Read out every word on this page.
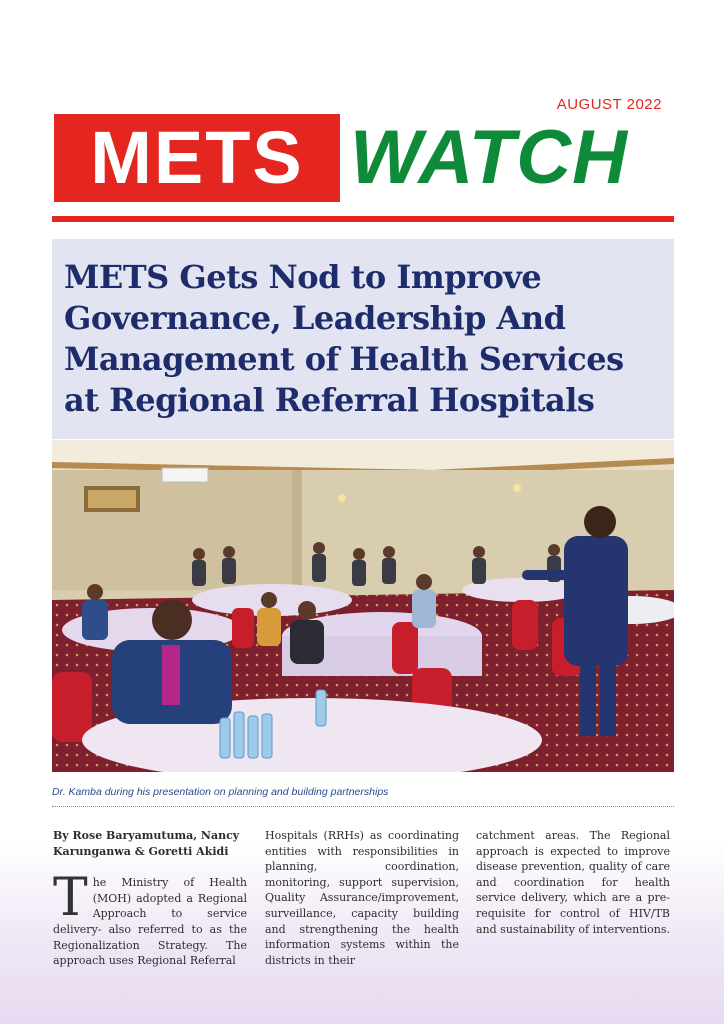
AUGUST 2022
METS WATCH
METS Gets Nod to Improve Governance, Leadership And Management of Health Services at Regional Referral Hospitals
Dr. Kamba during his presentation on planning and building partnerships
By Rose Baryamutuma, Nancy Karunganwa & Goretti Akidi

The Ministry of Health (MOH) adopted a Regional Approach to service delivery- also referred to as the Regionalization Strategy. The approach uses Regional Referral

Hospitals (RRHs) as coordinating entities with responsibilities in planning, coordination, monitoring, support supervision, Quality Assurance/improvement, surveillance, capacity building and strengthening the health information systems within the districts in their

catchment areas. The Regional approach is expected to improve disease prevention, quality of care and coordination for health service delivery, which are a pre-requisite for control of HIV/TB and sustainability of interventions.
